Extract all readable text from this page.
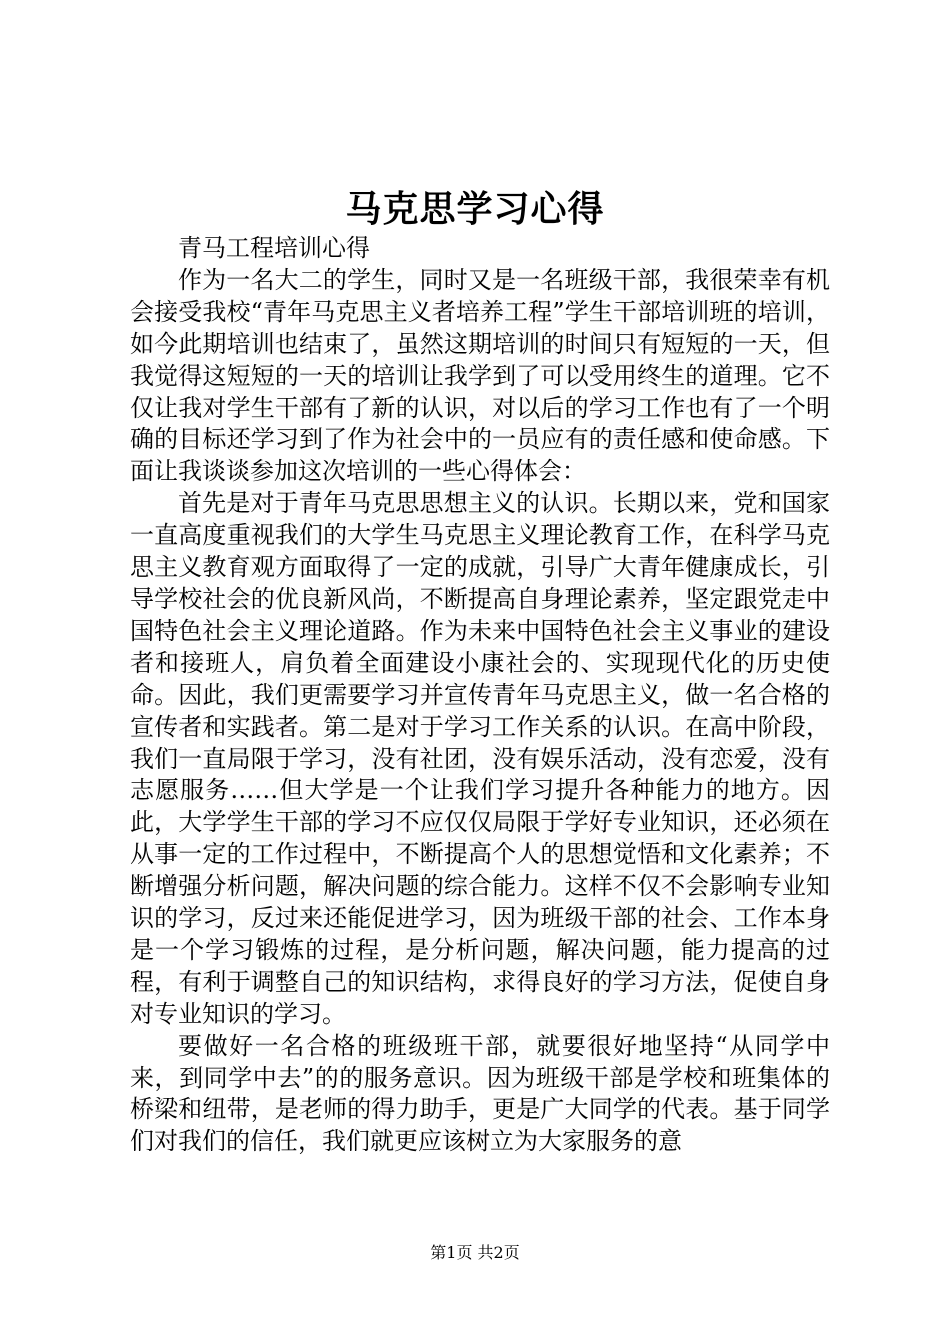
马克思学习心得

青马工程培训心得

作为一名大二的学生，同时又是一名班级干部，我很荣幸有机会接受我校“青年马克思主义者培养工程”学生干部培训班的培训，如今此期培训也结束了，虽然这期培训的时间只有短短的一天，但我觉得这短短的一天的培训让我学到了可以受用终生的道理。它不仅让我对学生干部有了新的认识，对以后的学习工作也有了一个明确的目标还学习到了作为社会中的一员应有的责任感和使命感。下面让我谈谈参加这次培训的一些心得体会：

首先是对于青年马克思思想主义的认识。长期以来，党和国家一直高度重视我们的大学生马克思主义理论教育工作，在科学马克思主义教育观方面取得了一定的成就，引导广大青年健康成长，引导学校社会的优良新风尚，不断提高自身理论素养，坚定跟党走中国特色社会主义理论道路。作为未来中国特色社会主义事业的建设者和接班人，肩负着全面建设小康社会的、实现现代化的历史使命。因此，我们更需要学习并宣传青年马克思主义，做一名合格的宣传者和实践者。第二是对于学习工作关系的认识。在高中阶段，我们一直局限于学习，没有社团，没有娱乐活动，没有恋爱，没有志愿服务……但大学是一个让我们学习提升各种能力的地方。因此，大学学生干部的学习不应仅仅局限于学好专业知识，还必须在从事一定的工作过程中，不断提高个人的思想觉悟和文化素养；不断增强分析问题，解决问题的综合能力。这样不仅不会影响专业知识的学习，反过来还能促进学习，因为班级干部的社会、工作本身是一个学习锻炼的过程，是分析问题，解决问题，能力提高的过程，有利于调整自己的知识结构，求得良好的学习方法，促使自身对专业知识的学习。

要做好一名合格的班级班干部，就要很好地坚持“从同学中来，到同学中去”的的服务意识。因为班级干部是学校和班集体的桥梁和纽带，是老师的得力助手，更是广大同学的代表。基于同学们对我们的信任，我们就更应该树立为大家服务的意

第1页 共2页
